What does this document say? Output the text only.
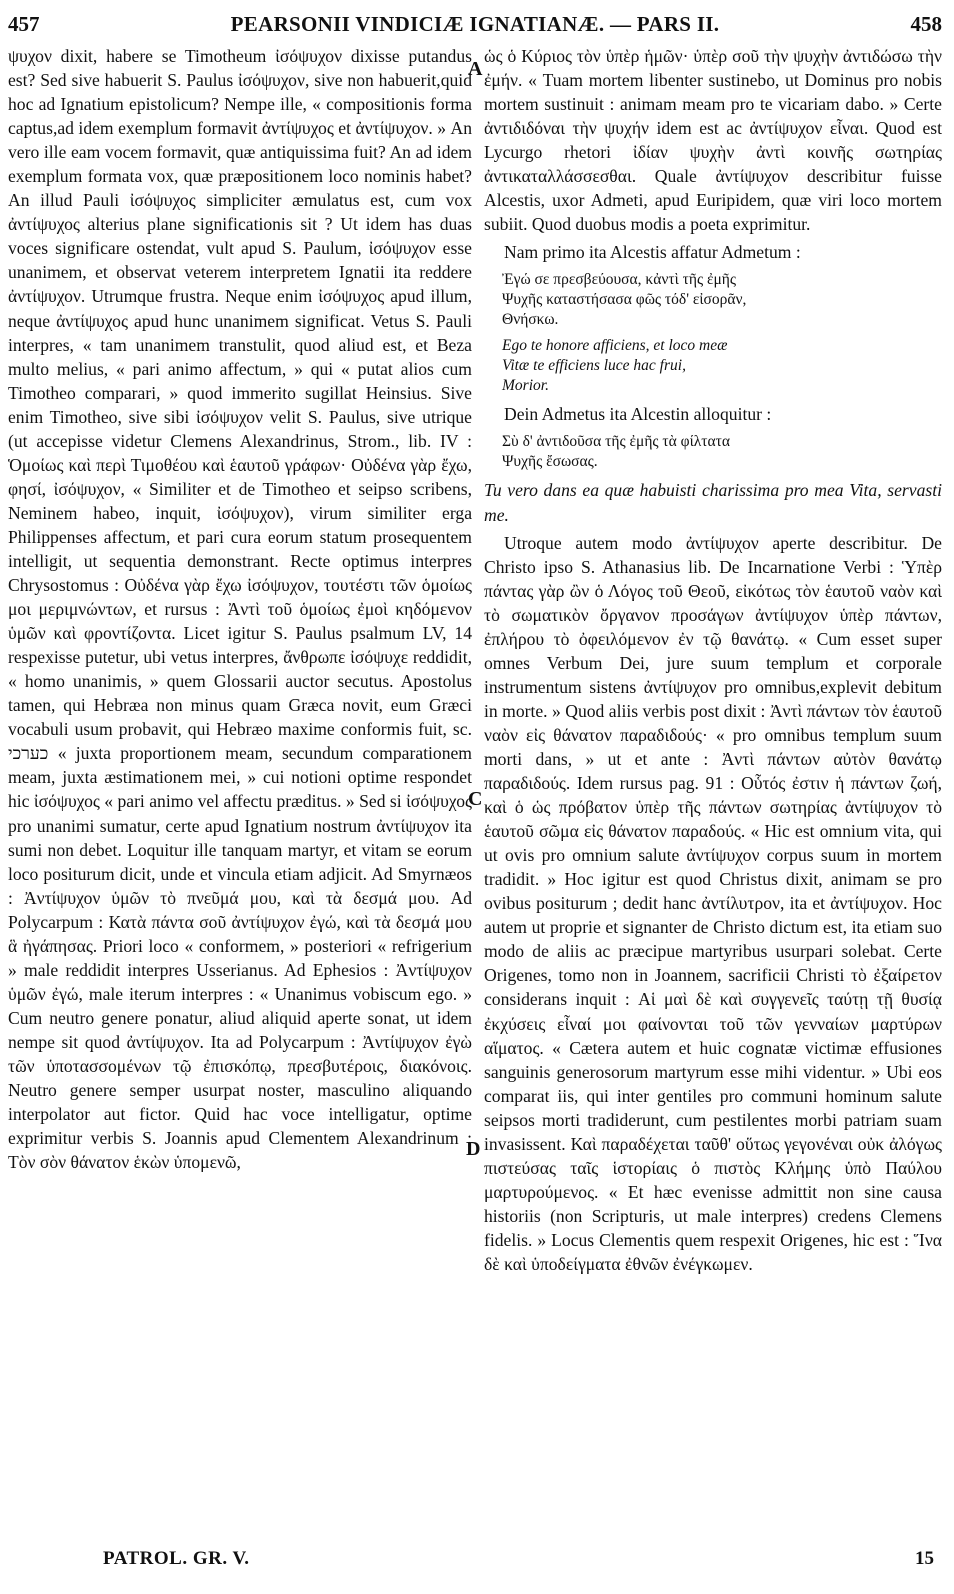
457	PEARSONII VINDICIÆ IGNATIANÆ. — PARS II.	458

ψυχον dixit, habere se Timotheum ἰσόψυχον dixisse putandus est? Sed sive habuerit S. Paulus ἰσόψυχον, sive non habuerit,quid hoc ad Ignatium epistolicum? Nempe ille, « compositionis forma captus,ad idem exemplum formavit ἀντίψυχος et ἀντίψυχον. » An vero ille eam vocem formavit, quæ antiquissima fuit? An ad idem exemplum formata vox, quæ præpositionem loco nominis habet? An illud Pauli ἰσόψυχος simpliciter æmulatus est, cum vox ἀντίψυχος alterius plane significationis sit ? Ut idem has duas voces significare ostendat, vult apud S. Paulum, ἰσόψυχον esse unanimem, et observat veterem interpretem Ignatii ita reddere ἀντίψυχον. Utrumque frustra. Neque enim ἰσόψυχος apud illum, neque ἀντίψυχος apud hunc unanimem significat. Vetus S. Pauli interpres, « tam unanimem transtulit, quod aliud est, et Beza multo melius, « pari animo affectum, » qui « putat alios cum Timotheo comparari, » quod immerito sugillat Heinsius. Sive enim Timotheo, sive sibi ἰσόψυχον velit S. Paulus, sive utrique (ut accepisse videtur Clemens Alexandrinus, Strom., lib. IV : Ὁμοίως καὶ περὶ Τιμοθέου καὶ ἑαυτοῦ γράφων· Οὐδένα γὰρ ἔχω, φησί, ἰσόψυχον, « Similiter et de Timotheo et seipso scribens, Neminem habeo, inquit, ἰσόψυχον), virum similiter erga Philippenses affectum, et pari cura eorum statum prosequentem intelligit, ut sequentia demonstrant. Recte optimus interpres Chrysostomus : Οὐδένα γὰρ ἔχω ἰσόψυχον, τουτέστι τῶν ὁμοίως μοι μεριμνώντων, et rursus : Ἀντὶ τοῦ ὁμοίως ἐμοὶ κηδόμενον ὑμῶν καὶ φροντίζοντα. Licet igitur S. Paulus psalmum LV, 14 respexisse putetur, ubi vetus interpres, ἄνθρωπε ἰσόψυχε reddidit, « homo unanimis, » quem Glossarii auctor secutus. Apostolus tamen, qui Hebræa non minus quam Græca novit, eum Græci vocabuli usum probavit, qui Hebræo maxime conformis fuit, sc. כערכי « juxta proportionem meam, secundum comparationem meam, juxta æstimationem mei, » cui notioni optime respondet hic ἰσόψυχος « pari animo vel affectu præditus. » Sed si ἰσόψυχος pro unanimi sumatur, certe apud Ignatium nostrum ἀντίψυχον ita sumi non debet. Loquitur ille tanquam martyr, et vitam se eorum loco positurum dicit, unde et vincula etiam adjicit. Ad Smyrnæos : Ἀντίψυχον ὑμῶν τὸ πνεῦμά μου, καὶ τὰ δεσμά μου. Ad Polycarpum : Κατὰ πάντα σοῦ ἀντίψυχον ἐγώ, καὶ τὰ δεσμά μου ἃ ἠγάπησας. Priori loco « conformem, » posteriori « refrigerium » male reddidit interpres Usserianus. Ad Ephesios : Ἀντίψυχον ὑμῶν ἐγώ, male iterum interpres : « Unanimus vobiscum ego. » Cum neutro genere ponatur, aliud aliquid aperte sonat, ut idem nempe sit quod ἀντίψυχον. Ita ad Polycarpum : Ἀντίψυχον ἐγὼ τῶν ὑποτασσομένων τῷ ἐπισκόπῳ, πρεσβυτέροις, διακόνοις. Neutro genere semper usurpat noster, masculino aliquando interpolator aut fictor. Quid hac voce intelligatur, optime exprimitur verbis S. Joannis apud Clementem Alexandrinum : Τὸν σὸν θάνατον ἑκὼν ὑπομενῶ,

A
C
D

ὡς ὁ Κύριος τὸν ὑπὲρ ἡμῶν· ὑπὲρ σοῦ τὴν ψυχὴν ἀντιδώσω τὴν ἐμήν. « Tuam mortem libenter sustinebo, ut Dominus pro nobis mortem sustinuit : animam meam pro te vicariam dabo. » Certe ἀντιδιδόναι τὴν ψυχήν idem est ac ἀντίψυχον εἶναι. Quod est Lycurgo rhetori ἰδίαν ψυχὴν ἀντὶ κοινῆς σωτηρίας ἀντικαταλλάσσεσθαι. Quale ἀντίψυχον describitur fuisse Alcestis, uxor Admeti, apud Euripidem, quæ viri loco mortem subiit. Quod duobus modis a poeta exprimitur.

Nam primo ita Alcestis affatur Admetum :

Ἐγώ σε πρεσβεύουσα, κἀντὶ τῆς ἐμῆς
Ψυχῆς καταστήσασα φῶς τόδ' εἰσορᾶν,
Θνήσκω.
Ego te honore afficiens, et loco meæ
Vitæ te efficiens luce hac frui,
Morior.

Dein Admetus ita Alcestin alloquitur :

Σὺ δ' ἀντιδοῦσα τῆς ἐμῆς τὰ φίλτατα
Ψυχῆς ἔσωσας.

Tu vero dans ea quæ habuisti charissima pro mea Vita, servasti me.

Utroque autem modo ἀντίψυχον aperte describitur. De Christo ipso S. Athanasius lib. De Incarnatione Verbi : Ὑπὲρ πάντας γὰρ ὢν ὁ Λόγος τοῦ Θεοῦ, εἰκότως τὸν ἑαυτοῦ ναὸν καὶ τὸ σωματικὸν ὄργανον προσάγων ἀντίψυχον ὑπὲρ πάντων, ἐπλήρου τὸ ὀφειλόμενον ἐν τῷ θανάτῳ. « Cum esset super omnes Verbum Dei, jure suum templum et corporale instrumentum sistens ἀντίψυχον pro omnibus,explevit debitum in morte. » Quod aliis verbis post dixit : Ἀντὶ πάντων τὸν ἑαυτοῦ ναὸν εἰς θάνατον παραδιδούς· « pro omnibus templum suum morti dans, » ut et ante : Ἀντὶ πάντων αὐτὸν θανάτῳ παραδιδούς. Idem rursus pag. 91 : Οὗτός ἐστιν ἡ πάντων ζωή, καὶ ὁ ὡς πρόβατον ὑπὲρ τῆς πάντων σωτηρίας ἀντίψυχον τὸ ἑαυτοῦ σῶμα εἰς θάνατον παραδούς. « Hic est omnium vita, qui ut ovis pro omnium salute ἀντίψυχον corpus suum in mortem tradidit. » Hoc igitur est quod Christus dixit, animam se pro ovibus positurum ; dedit hanc ἀντίλυτρον, ita et ἀντίψυχον. Hoc autem ut proprie et signanter de Christo dictum est, ita etiam suo modo de aliis ac præcipue martyribus usurpari solebat. Certe Origenes, tomo non in Joannem, sacrificii Christi τὸ ἐξαίρετον considerans inquit : Αἱ μαὶ δὲ καὶ συγγενεῖς ταύτῃ τῇ θυσίᾳ ἐκχύσεις εἶναί μοι φαίνονται τοῦ τῶν γενναίων μαρτύρων αἵματος. « Cætera autem et huic cognatæ victimæ effusiones sanguinis generosorum martyrum esse mihi videntur. » Ubi eos comparat iis, qui inter gentiles pro communi hominum salute seipsos morti tradiderunt, cum pestilentes morbi patriam suam invasissent. Καὶ παραδέχεται ταῦθ' οὕτως γεγονέναι οὐκ ἀλόγως πιστεύσας ταῖς ἱστορίαις ὁ πιστὸς Κλήμης ὑπὸ Παύλου μαρτυρούμενος. « Et hæc evenisse admittit non sine causa historiis (non Scripturis, ut male interpres) credens Clemens fidelis. » Locus Clementis quem respexit Origenes, hic est : Ἵνα δὲ καὶ ὑποδείγματα ἐθνῶν ἐνέγκωμεν.

PATROL. GR. V.	15
